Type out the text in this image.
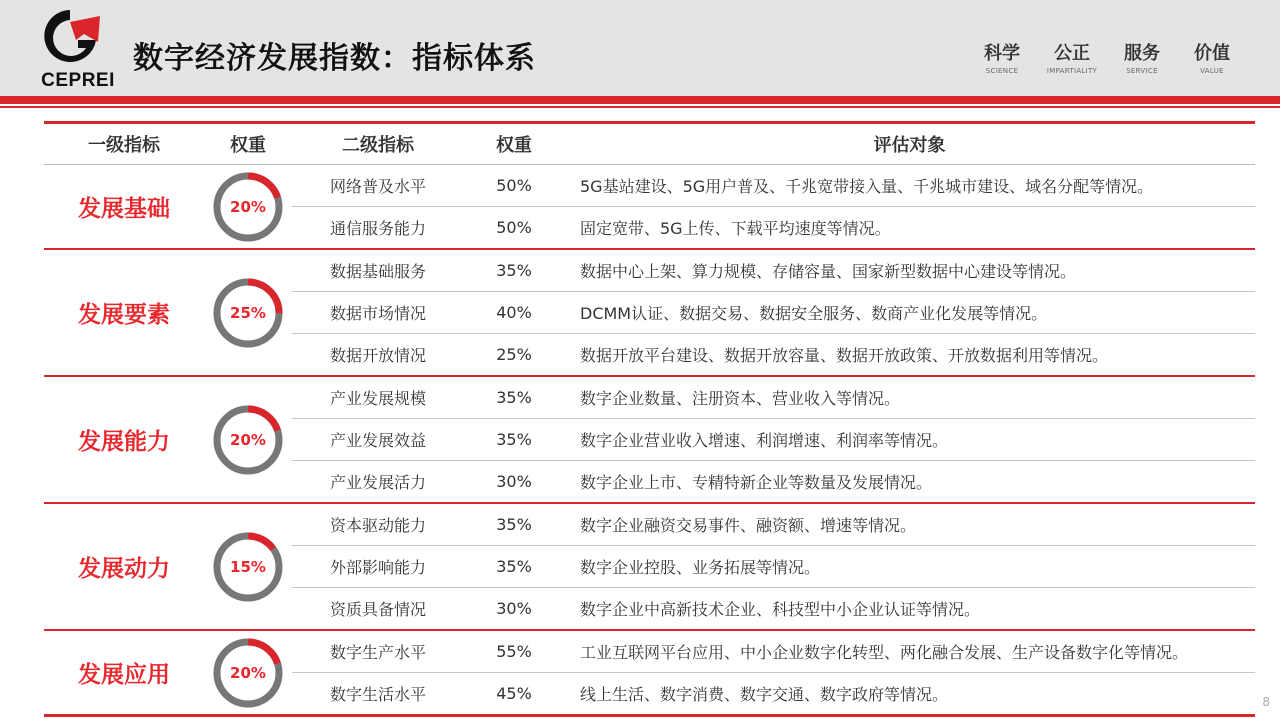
CEPREI
数字经济发展指数：指标体系	科学
SCIENCE
公正
IMPARTIALITY
服务
SERVICE
价值
VALUE
一级指标	权重	二级指标	权重	评估对象
发展基础	20%
网络普及水平	50%	5G基站建设、5G用户普及、千兆宽带接入量、千兆城市建设、域名分配等情况。
通信服务能力	50%	固定宽带、5G上传、下载平均速度等情况。
发展要素	25%
数据基础服务	35%	数据中心上架、算力规模、存储容量、国家新型数据中心建设等情况。
数据市场情况	40%	DCMM认证、数据交易、数据安全服务、数商产业化发展等情况。
数据开放情况	25%	数据开放平台建设、数据开放容量、数据开放政策、开放数据利用等情况。
发展能力	20%
产业发展规模	35%	数字企业数量、注册资本、营业收入等情况。
产业发展效益	35%	数字企业营业收入增速、利润增速、利润率等情况。
产业发展活力	30%	数字企业上市、专精特新企业等数量及发展情况。
发展动力	15%
资本驱动能力	35%	数字企业融资交易事件、融资额、增速等情况。
外部影响能力	35%	数字企业控股、业务拓展等情况。
资质具备情况	30%	数字企业中高新技术企业、科技型中小企业认证等情况。
发展应用	20%
数字生产水平	55%	工业互联网平台应用、中小企业数字化转型、两化融合发展、生产设备数字化等情况。
数字生活水平	45%	线上生活、数字消费、数字交通、数字政府等情况。	8
